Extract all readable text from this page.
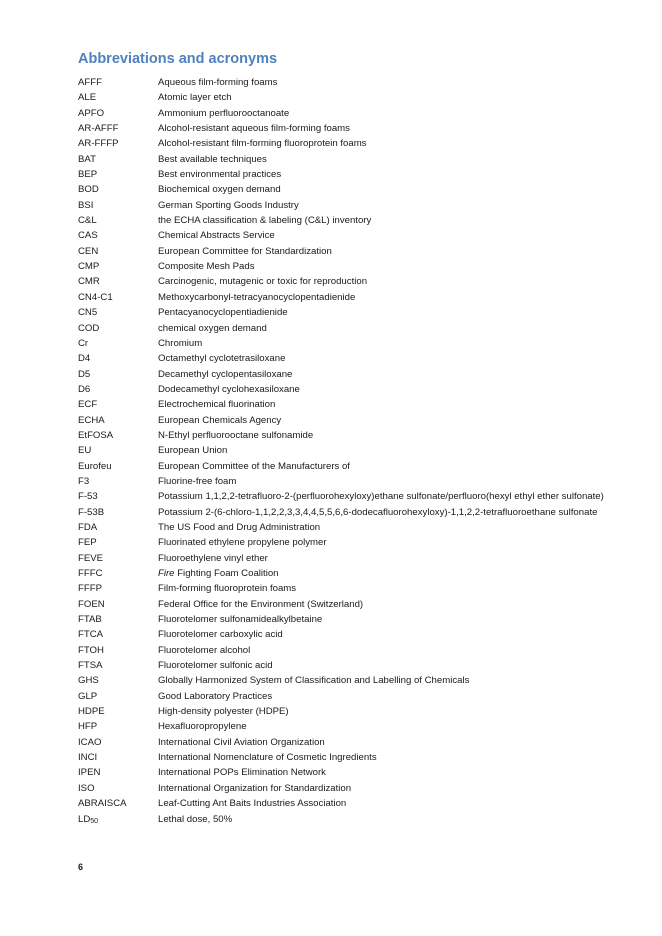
Abbreviations and acronyms
AFFF	Aqueous film-forming foams
ALE	Atomic layer etch
APFO	Ammonium perfluorooctanoate
AR-AFFF	Alcohol-resistant aqueous film-forming foams
AR-FFFP	Alcohol-resistant film-forming fluoroprotein foams
BAT	Best available techniques
BEP	Best environmental practices
BOD	Biochemical oxygen demand
BSI	German Sporting Goods Industry
C&L	the ECHA classification & labeling (C&L) inventory
CAS	Chemical Abstracts Service
CEN	European Committee for Standardization
CMP	Composite Mesh Pads
CMR	Carcinogenic, mutagenic or toxic for reproduction
CN4-C1	Methoxycarbonyl-tetracyanocyclopentadienide
CN5	Pentacyanocyclopentiadienide
COD	chemical oxygen demand
Cr	Chromium
D4	Octamethyl cyclotetrasiloxane
D5	Decamethyl cyclopentasiloxane
D6	Dodecamethyl cyclohexasiloxane
ECF	Electrochemical fluorination
ECHA	European Chemicals Agency
EtFOSA	N-Ethyl perfluorooctane sulfonamide
EU	European Union
Eurofeu	European Committee of the Manufacturers of
F3	Fluorine-free foam
F-53	Potassium 1,1,2,2-tetrafluoro-2-(perfluorohexyloxy)ethane sulfonate/perfluoro(hexyl ethyl ether sulfonate)
F-53B	Potassium 2-(6-chloro-1,1,2,2,3,3,4,4,5,5,6,6-dodecafluorohexyloxy)-1,1,2,2-tetrafluoroethane sulfonate
FDA	The US Food and Drug Administration
FEP	Fluorinated ethylene propylene polymer
FEVE	Fluoroethylene vinyl ether
FFFC	Fire Fighting Foam Coalition
FFFP	Film-forming fluoroprotein foams
FOEN	Federal Office for the Environment (Switzerland)
FTAB	Fluorotelomer sulfonamidealkylbetaine
FTCA	Fluorotelomer carboxylic acid
FTOH	Fluorotelomer alcohol
FTSA	Fluorotelomer sulfonic acid
GHS	Globally Harmonized System of Classification and Labelling of Chemicals
GLP	Good Laboratory Practices
HDPE	High-density polyester (HDPE)
HFP	Hexafluoropropylene
ICAO	International Civil Aviation Organization
INCI	International Nomenclature of Cosmetic Ingredients
IPEN	International POPs Elimination Network
ISO	International Organization for Standardization
ABRAISCA	Leaf-Cutting Ant Baits Industries Association
$LD_{50}$	Lethal dose, 50%
6
